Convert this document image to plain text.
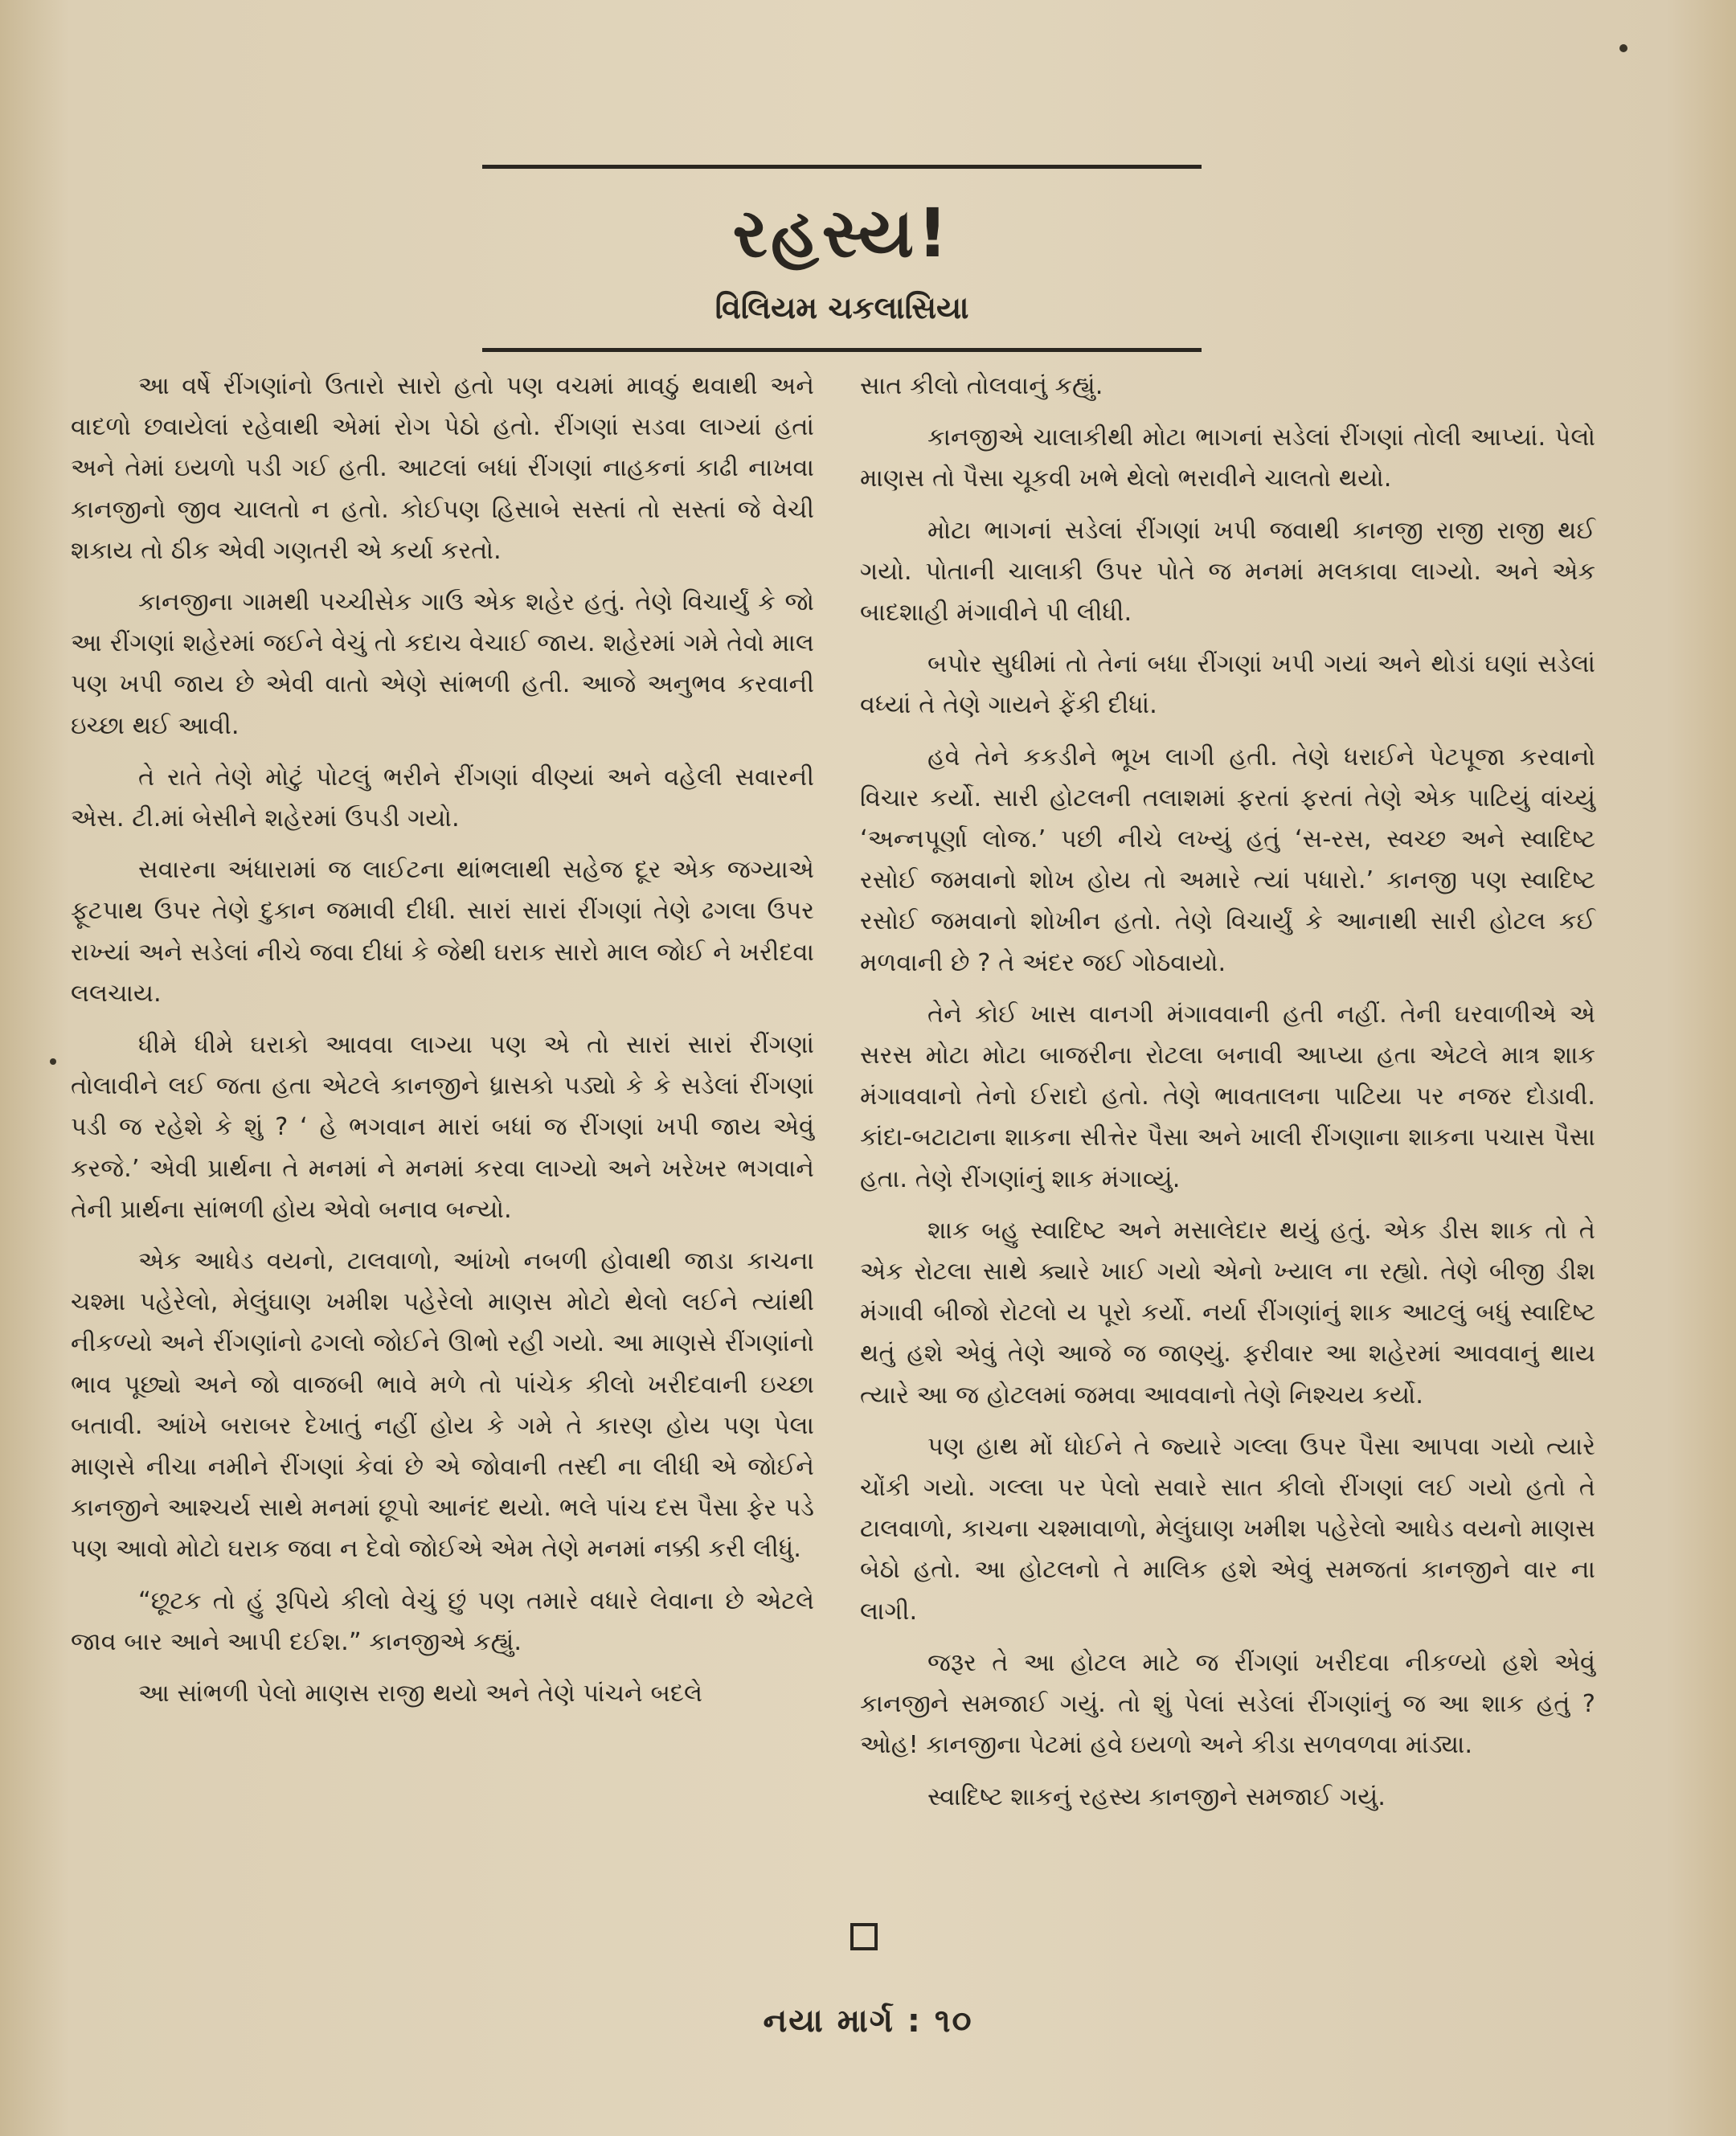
રહસ્ય!
વિલિયમ ચકલાસિયા

આ વર્ષે રીંગણાંનો ઉતારો સારો હતો પણ વચમાં માવઠું થવાથી અને વાદળો છવાયેલાં રહેવાથી એમાં રોગ પેઠો હતો. રીંગણાં સડવા લાગ્યાં હતાં અને તેમાં ઇયળો પડી ગઈ હતી. આટલાં બધાં રીંગણાં નાહકનાં કાઢી નાખવા કાનજીનો જીવ ચાલતો ન હતો. કોઈપણ હિસાબે સસ્તાં તો સસ્તાં જે વેચી શકાય તો ઠીક એવી ગણતરી એ કર્યા કરતો.

કાનજીના ગામથી પચ્ચીસેક ગાઉ એક શહેર હતું. તેણે વિચાર્યું કે જો આ રીંગણાં શહેરમાં જઈને વેચું તો કદાચ વેચાઈ જાય. શહેરમાં ગમે તેવો માલ પણ ખપી જાય છે એવી વાતો એણે સાંભળી હતી. આજે અનુભવ કરવાની ઇચ્છા થઈ આવી.

તે રાતે તેણે મોટું પોટલું ભરીને રીંગણાં વીણ્યાં અને વહેલી સવારની એસ. ટી.માં બેસીને શહેરમાં ઉપડી ગયો.

સવારના અંધારામાં જ લાઈટના થાંભલાથી સહેજ દૂર એક જગ્યાએ ફૂટપાથ ઉપર તેણે દુકાન જમાવી દીધી. સારાં સારાં રીંગણાં તેણે ઢગલા ઉપર રાખ્યાં અને સડેલાં નીચે જવા દીધાં કે જેથી ઘરાક સારો માલ જોઈ ને ખરીદવા લલચાય.

ધીમે ધીમે ઘરાકો આવવા લાગ્યા પણ એ તો સારાં સારાં રીંગણાં તોલાવીને લઈ જતા હતા એટલે કાનજીને ધ્રાસકો પડ્યો કે કે સડેલાં રીંગણાં પડી જ રહેશે કે શું ? ‘ હે ભગવાન મારાં બધાં જ રીંગણાં ખપી જાય એવું કરજે.’ એવી પ્રાર્થના તે મનમાં ને મનમાં કરવા લાગ્યો અને ખરેખર ભગવાને તેની પ્રાર્થના સાંભળી હોય એવો બનાવ બન્યો.

એક આધેડ વયનો, ટાલવાળો, આંખો નબળી હોવાથી જાડા કાચના ચશ્મા પહેરેલો, મેલુંઘાણ ખમીશ પહેરેલો માણસ મોટો થેલો લઈને ત્યાંથી નીકળ્યો અને રીંગણાંનો ઢગલો જોઈને ઊભો રહી ગયો. આ માણસે રીંગણાંનો ભાવ પૂછ્યો અને જો વાજબી ભાવે મળે તો પાંચેક કીલો ખરીદવાની ઇચ્છા બતાવી. આંખે બરાબર દેખાતું નહીં હોય કે ગમે તે કારણ હોય પણ પેલા માણસે નીચા નમીને રીંગણાં કેવાં છે એ જોવાની તસ્દી ના લીધી એ જોઈને કાનજીને આશ્ચર્ય સાથે મનમાં છૂપો આનંદ થયો. ભલે પાંચ દસ પૈસા ફેર પડે પણ આવો મોટો ઘરાક જવા ન દેવો જોઈએ એમ તેણે મનમાં નક્કી કરી લીધું.

“છૂટક તો હું રૂપિયે કીલો વેચું છું પણ તમારે વધારે લેવાના છે એટલે જાવ બાર આને આપી દઈશ.” કાનજીએ કહ્યું.

આ સાંભળી પેલો માણસ રાજી થયો અને તેણે પાંચને બદલે

સાત કીલો તોલવાનું કહ્યું.

કાનજીએ ચાલાકીથી મોટા ભાગનાં સડેલાં રીંગણાં તોલી આપ્યાં. પેલો માણસ તો પૈસા ચૂકવી ખભે થેલો ભરાવીને ચાલતો થયો.

મોટા ભાગનાં સડેલાં રીંગણાં ખપી જવાથી કાનજી રાજી રાજી થઈ ગયો. પોતાની ચાલાકી ઉપર પોતે જ મનમાં મલકાવા લાગ્યો. અને એક બાદશાહી મંગાવીને પી લીધી.

બપોર સુધીમાં તો તેનાં બધા રીંગણાં ખપી ગયાં અને થોડાં ઘણાં સડેલાં વધ્યાં તે તેણે ગાયને ફેંકી દીધાં.

હવે તેને કકડીને ભૂખ લાગી હતી. તેણે ધરાઈને પેટપૂજા કરવાનો વિચાર કર્યો. સારી હોટલની તલાશમાં ફરતાં ફરતાં તેણે એક પાટિયું વાંચ્યું ‘અન્નપૂર્ણા લોજ.’ પછી નીચે લખ્યું હતું ‘સ-રસ, સ્વચ્છ અને સ્વાદિષ્ટ રસોઈ જમવાનો શોખ હોય તો અમારે ત્યાં પધારો.’ કાનજી પણ સ્વાદિષ્ટ રસોઈ જમવાનો શોખીન હતો. તેણે વિચાર્યું કે આનાથી સારી હોટલ કઈ મળવાની છે ? તે અંદર જઈ ગોઠવાયો.

તેને કોઈ ખાસ વાનગી મંગાવવાની હતી નહીં. તેની ઘરવાળીએ એ સરસ મોટા મોટા બાજરીના રોટલા બનાવી આપ્યા હતા એટલે માત્ર શાક મંગાવવાનો તેનો ઈરાદો હતો. તેણે ભાવતાલના પાટિયા પર નજર દોડાવી. કાંદા-બટાટાના શાકના સીત્તેર પૈસા અને ખાલી રીંગણાના શાકના પચાસ પૈસા હતા. તેણે રીંગણાંનું શાક મંગાવ્યું.

શાક બહુ સ્વાદિષ્ટ અને મસાલેદાર થયું હતું. એક ડીસ શાક તો તે એક રોટલા સાથે ક્યારે ખાઈ ગયો એનો ખ્યાલ ના રહ્યો. તેણે બીજી ડીશ મંગાવી બીજો રોટલો ય પૂરો કર્યો. નર્યા રીંગણાંનું શાક આટલું બધું સ્વાદિષ્ટ થતું હશે એવું તેણે આજે જ જાણ્યું. ફરીવાર આ શહેરમાં આવવાનું થાય ત્યારે આ જ હોટલમાં જમવા આવવાનો તેણે નિશ્ચય કર્યો.

પણ હાથ મોં ધોઈને તે જ્યારે ગલ્લા ઉપર પૈસા આપવા ગયો ત્યારે ચોંકી ગયો. ગલ્લા પર પેલો સવારે સાત કીલો રીંગણાં લઈ ગયો હતો તે ટાલવાળો, કાચના ચશ્માવાળો, મેલુંઘાણ ખમીશ પહેરેલો આધેડ વયનો માણસ બેઠો હતો. આ હોટલનો તે માલિક હશે એવું સમજતાં કાનજીને વાર ના લાગી.

જરૂર તે આ હોટલ માટે જ રીંગણાં ખરીદવા નીકળ્યો હશે એવું કાનજીને સમજાઈ ગયું. તો શું પેલાં સડેલાં રીંગણાંનું જ આ શાક હતું ? ઓહ! કાનજીના પેટમાં હવે ઇયળો અને કીડા સળવળવા માંડ્યા.

સ્વાદિષ્ટ શાકનું રહસ્ય કાનજીને સમજાઈ ગયું.

નયા માર્ગ : ૧૦
